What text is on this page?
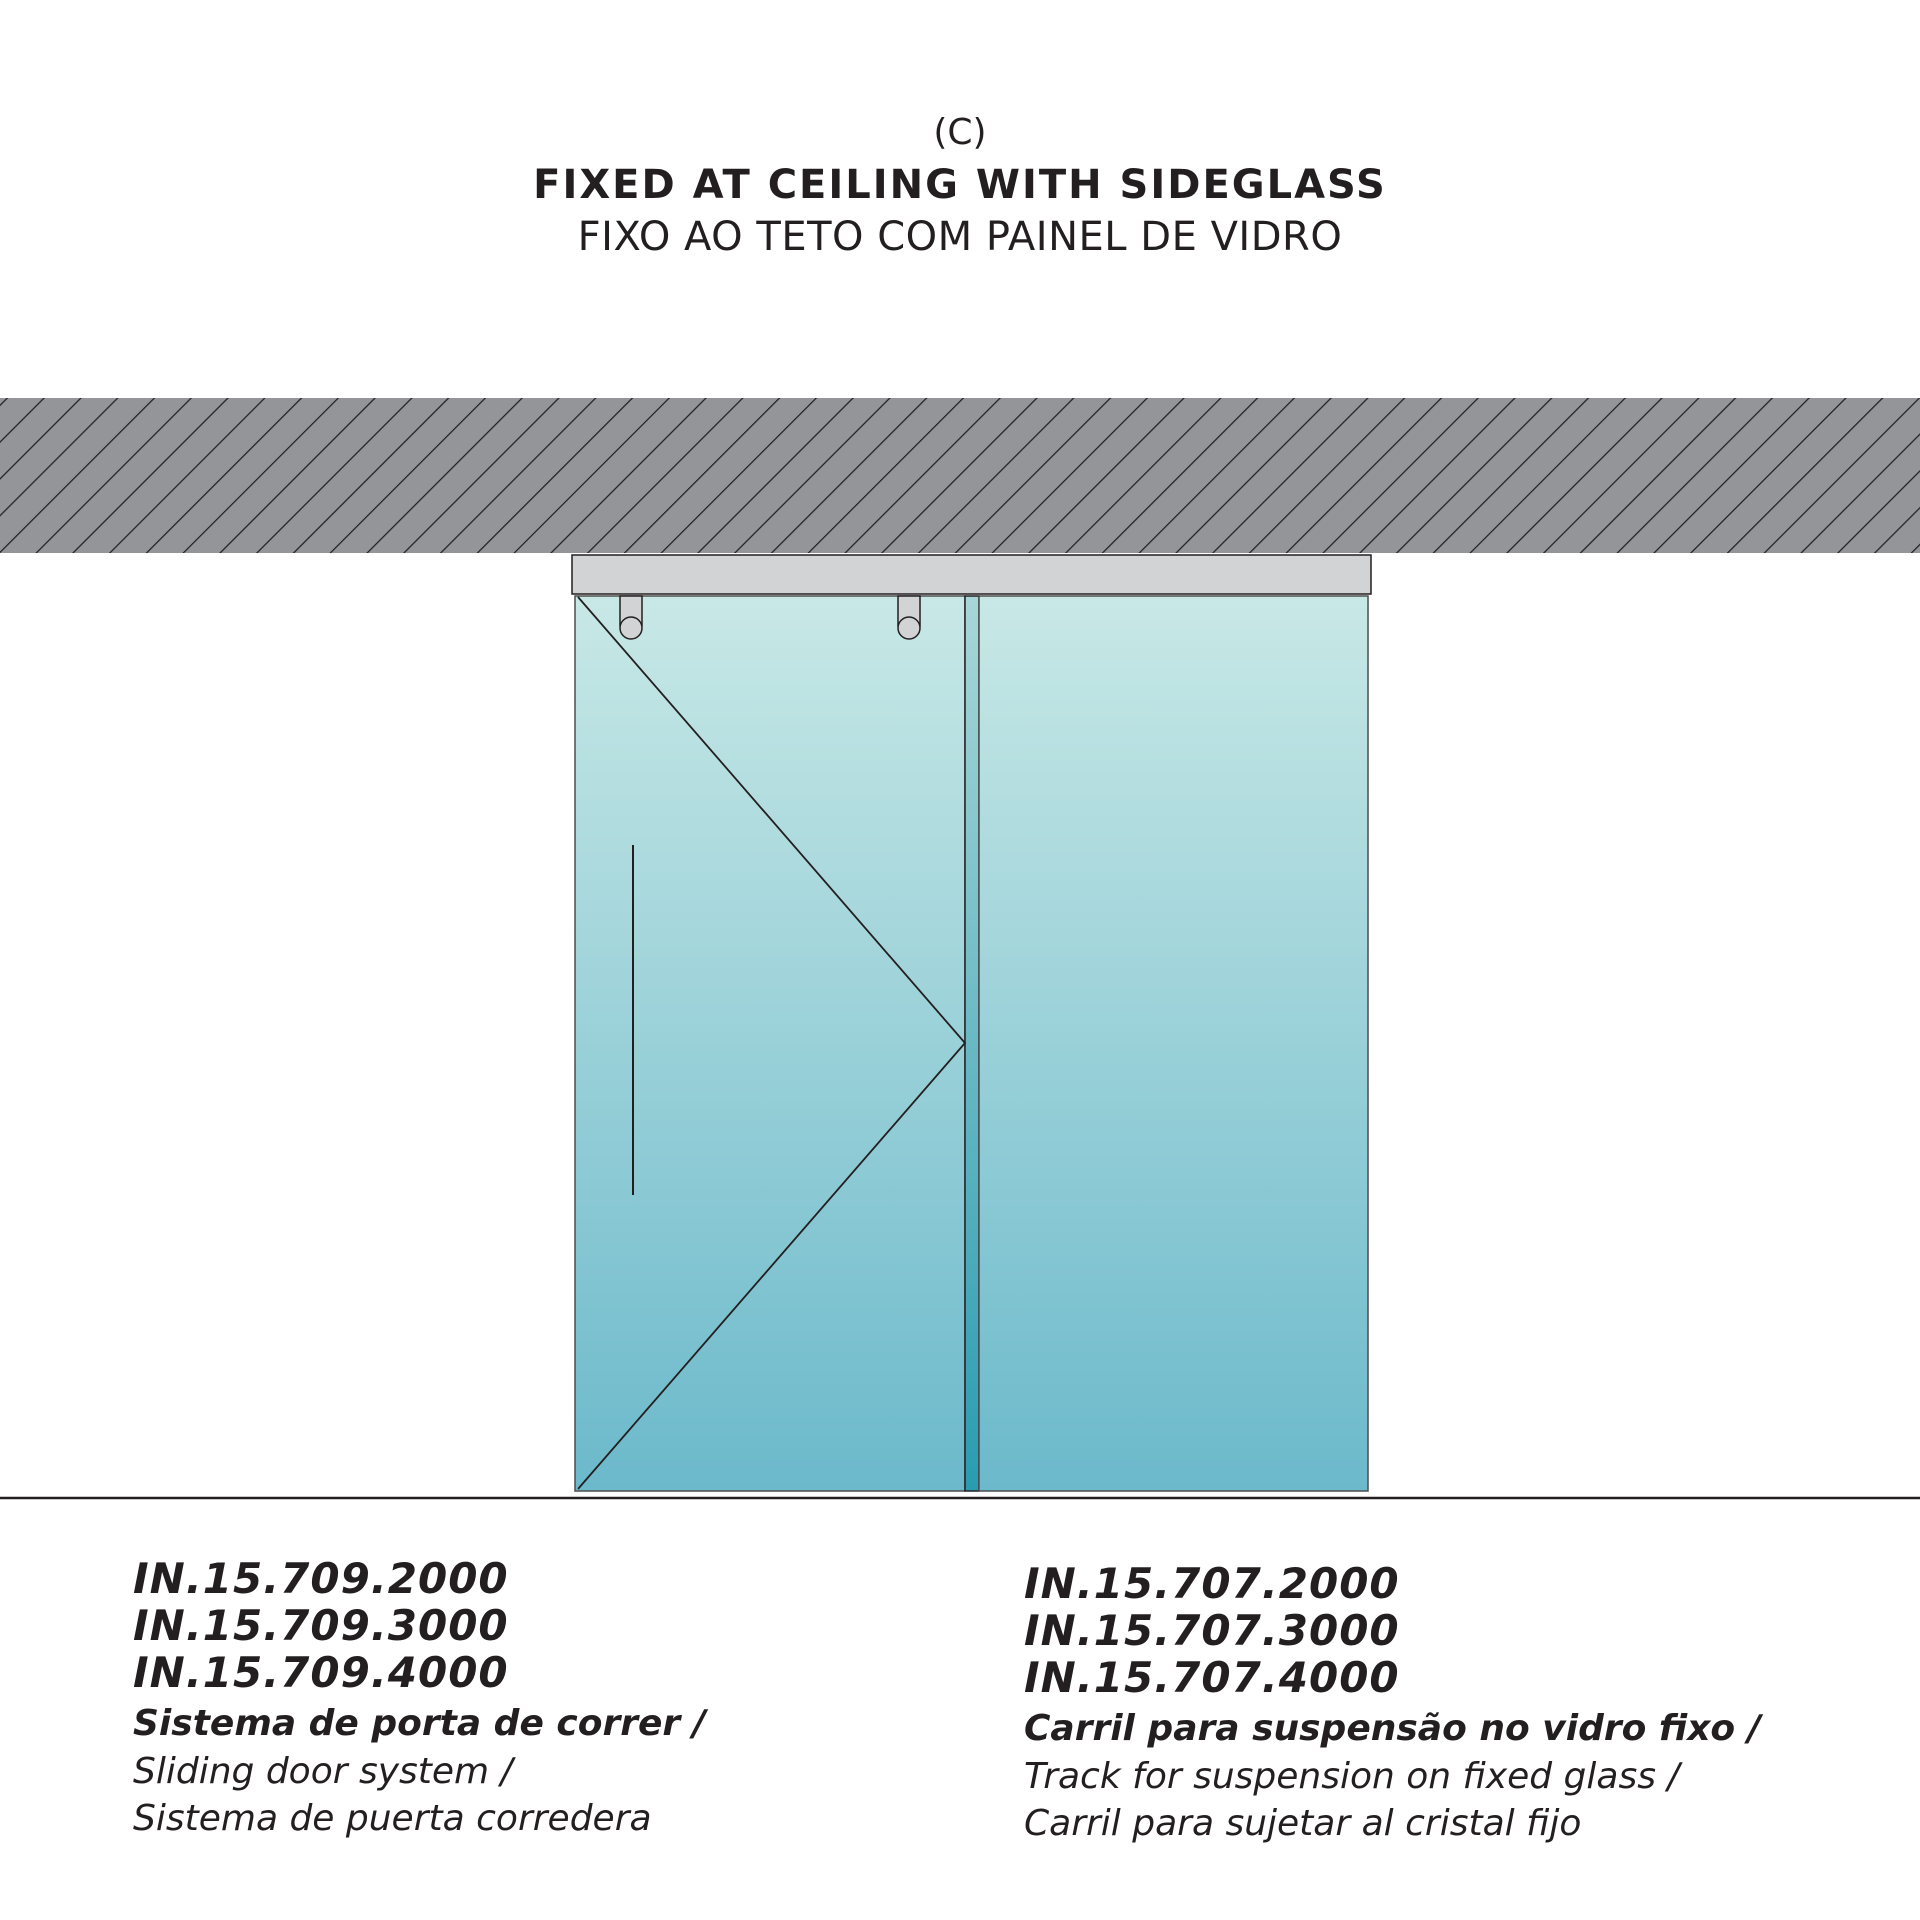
(C)
FIXED AT CEILING WITH SIDEGLASS
FIXO AO TETO COM PAINEL DE VIDRO
IN.15.709.2000
IN.15.709.3000
IN.15.709.4000
Sistema de porta de correr /
Sliding door system /
Sistema de puerta corredera
IN.15.707.2000
IN.15.707.3000
IN.15.707.4000
Carril para suspensão no vidro fixo /
Track for suspension on fixed glass /
Carril para sujetar al cristal fijo
